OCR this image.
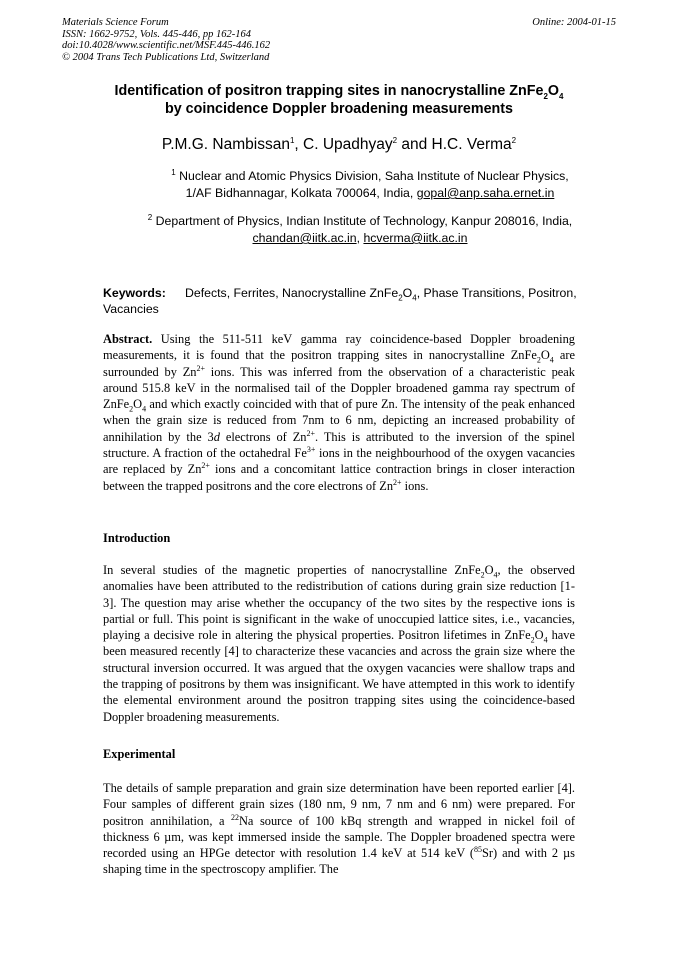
Materials Science Forum
ISSN: 1662-9752, Vols. 445-446, pp 162-164
doi:10.4028/www.scientific.net/MSF.445-446.162
© 2004 Trans Tech Publications Ltd, Switzerland
Online: 2004-01-15
Identification of positron trapping sites in nanocrystalline $ZnFe_2O_4$
by coincidence Doppler broadening measurements
P.M.G. Nambissan$^1$, C. Upadhyay$^2$ and H.C. Verma$^2$
$^1$ Nuclear and Atomic Physics Division, Saha Institute of Nuclear Physics,
1/AF Bidhannagar, Kolkata 700064, India, gopal@anp.saha.ernet.in
$^2$ Department of Physics, Indian Institute of Technology, Kanpur 208016, India,
chandan@iitk.ac.in, hcverma@iitk.ac.in
Keywords: Defects, Ferrites, Nanocrystalline $ZnFe_2O_4$, Phase Transitions, Positron, Vacancies
Abstract. Using the 511-511 keV gamma ray coincidence-based Doppler broadening measurements, it is found that the positron trapping sites in nanocrystalline $ZnFe_2O_4$ are surrounded by $Zn^{2+}$ ions. This was inferred from the observation of a characteristic peak around 515.8 keV in the normalised tail of the Doppler broadened gamma ray spectrum of $ZnFe_2O_4$ and which exactly coincided with that of pure Zn. The intensity of the peak enhanced when the grain size is reduced from 7nm to 6 nm, depicting an increased probability of annihilation by the 3d electrons of $Zn^{2+}$. This is attributed to the inversion of the spinel structure. A fraction of the octahedral $Fe^{3+}$ ions in the neighbourhood of the oxygen vacancies are replaced by $Zn^{2+}$ ions and a concomitant lattice contraction brings in closer interaction between the trapped positrons and the core electrons of $Zn^{2+}$ ions.
Introduction
In several studies of the magnetic properties of nanocrystalline $ZnFe_2O_4$, the observed anomalies have been attributed to the redistribution of cations during grain size reduction [1-3]. The question may arise whether the occupancy of the two sites by the respective ions is partial or full. This point is significant in the wake of unoccupied lattice sites, i.e., vacancies, playing a decisive role in altering the physical properties. Positron lifetimes in $ZnFe_2O_4$ have been measured recently [4] to characterize these vacancies and across the grain size where the structural inversion occurred. It was argued that the oxygen vacancies were shallow traps and the trapping of positrons by them was insignificant. We have attempted in this work to identify the elemental environment around the positron trapping sites using the coincidence-based Doppler broadening measurements.
Experimental
The details of sample preparation and grain size determination have been reported earlier [4]. Four samples of different grain sizes (180 nm, 9 nm, 7 nm and 6 nm) were prepared. For positron annihilation, a $^{22}$Na source of 100 kBq strength and wrapped in nickel foil of thickness 6 µm, was kept immersed inside the sample. The Doppler broadened spectra were recorded using an HPGe detector with resolution 1.4 keV at 514 keV ($^{85}$Sr) and with 2 µs shaping time in the spectroscopy amplifier. The
